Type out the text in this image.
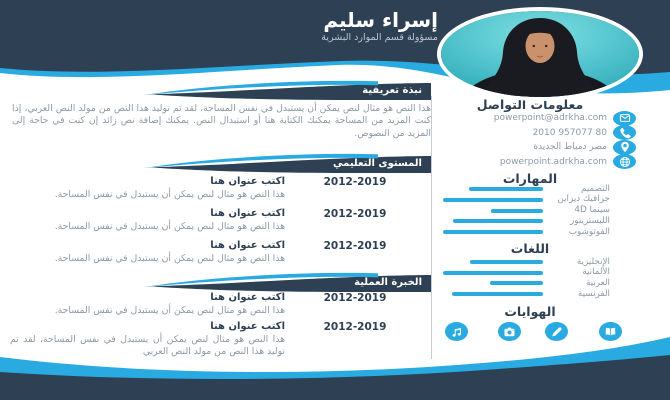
إسراء سليم
مسؤولة قسم الموارد البشرية
نبذة تعريفية
هذا النص هو مثال لنص يمكن أن يستبدل في نفس المساحة، لقد تم توليد هذا النص من مولد النص العربي، إذا كنت المزيد من المساحة يمكنك الكتابة هنا أو استبدال النص. يمكنك إضافة نص زائد إن كنت في حاجة إلى المزيد من النصوص.
المستوى التعليمي
2012-2019
اكتب عنوان هنا
هذا النص هو مثال لنص يمكن أن يستبدل في نفس المساحة.
2012-2019
اكتب عنوان هنا
هذا النص هو مثال لنص يمكن أن يستبدل في نفس المساحة.
2012-2019
اكتب عنوان هنا
هذا النص هو مثال لنص يمكن أن يستبدل في نفس المساحة.
الخبرة العملية
2012-2019
اكتب عنوان هنا
هذا النص هو مثال لنص يمكن أن يستبدل في نفس المساحة.
2012-2019
اكتب عنوان هنا
هذا النص هو مثال لنص يمكن أن يستبدل في نفس المساحة، لقد تم توليد هذا النص من مولد النص العربي
معلومات التواصل
powerpoint@adrkha.com
2010 957077 80
مصر دمياط الجديدة
powerpoint.adrkha.com
المهارات
التصميم
جرافيك ديزاين
سينما 4D
الليستريتور
الفوتوشوب
اللغات
الإنجليزية
الألمانية
العربية
الفرنسية
الهوايات
